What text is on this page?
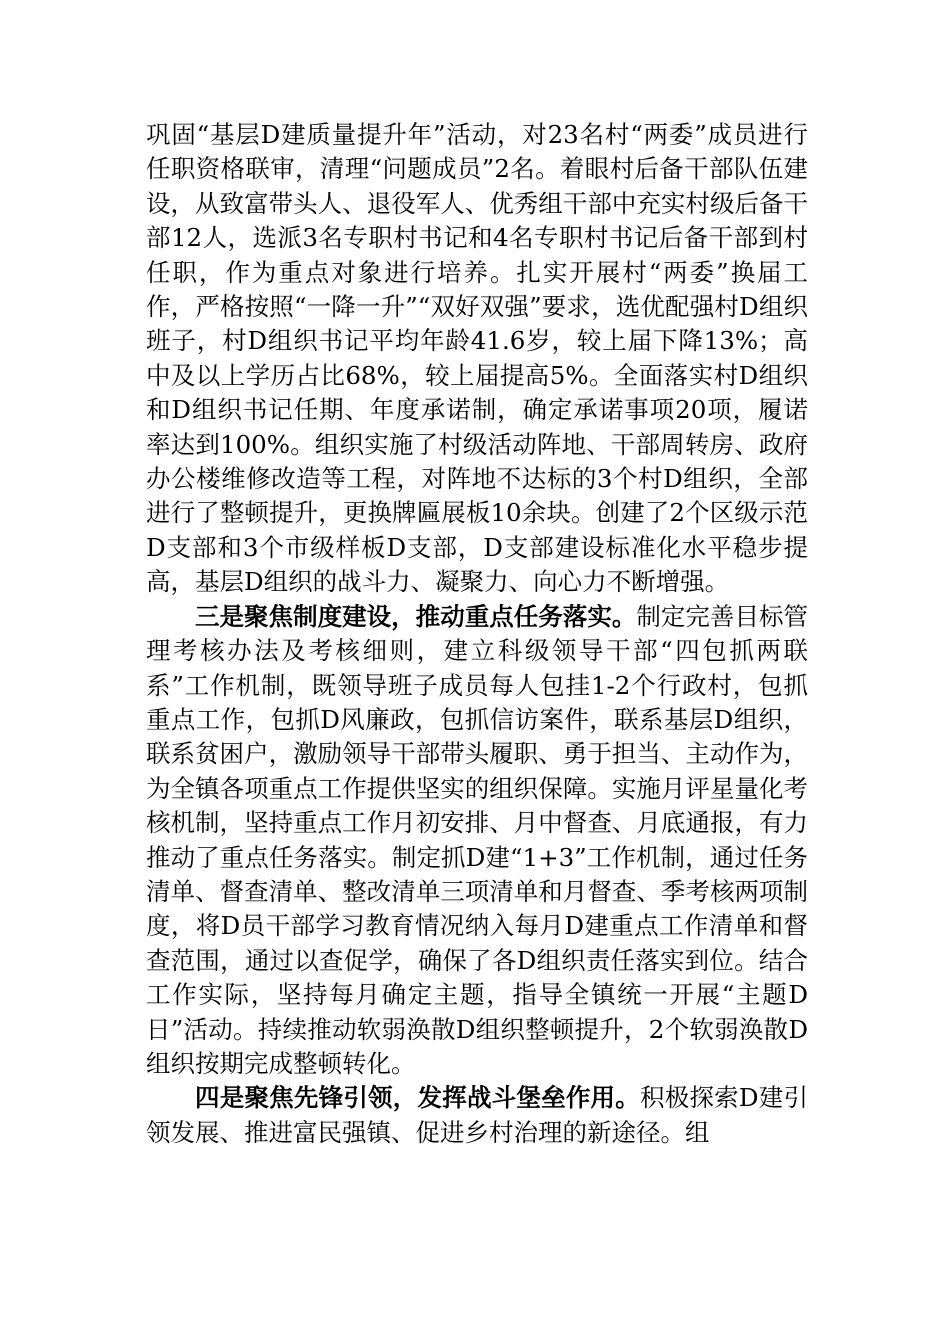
巩固“基层D建质量提升年”活动，对23名村“两委”成员进行任职资格联审，清理“问题成员”2名。着眼村后备干部队伍建设，从致富带头人、退役军人、优秀组干部中充实村级后备干部12人，选派3名专职村书记和4名专职村书记后备干部到村任职，作为重点对象进行培养。扎实开展村“两委”换届工作，严格按照“一降一升”“双好双强”要求，选优配强村D组织班子，村D组织书记平均年龄41.6岁，较上届下降13%；高中及以上学历占比68%，较上届提高5%。全面落实村D组织和D组织书记任期、年度承诺制，确定承诺事项20项，履诺率达到100%。组织实施了村级活动阵地、干部周转房、政府办公楼维修改造等工程，对阵地不达标的3个村D组织，全部进行了整顿提升，更换牌匾展板10余块。创建了2个区级示范D支部和3个市级样板D支部，D支部建设标准化水平稳步提高，基层D组织的战斗力、凝聚力、向心力不断增强。

三是聚焦制度建设，推动重点任务落实。制定完善目标管理考核办法及考核细则，建立科级领导干部“四包抓两联系”工作机制，既领导班子成员每人包挂1-2个行政村，包抓重点工作，包抓D风廉政，包抓信访案件，联系基层D组织，联系贫困户，激励领导干部带头履职、勇于担当、主动作为，为全镇各项重点工作提供坚实的组织保障。实施月评星量化考核机制，坚持重点工作月初安排、月中督查、月底通报，有力推动了重点任务落实。制定抓D建“1+3”工作机制，通过任务清单、督查清单、整改清单三项清单和月督查、季考核两项制度，将D员干部学习教育情况纳入每月D建重点工作清单和督查范围，通过以查促学，确保了各D组织责任落实到位。结合工作实际，坚持每月确定主题，指导全镇统一开展“主题D日”活动。持续推动软弱涣散D组织整顿提升，2个软弱涣散D组织按期完成整顿转化。

四是聚焦先锋引领，发挥战斗堡垒作用。积极探索D建引领发展、推进富民强镇、促进乡村治理的新途径。组
